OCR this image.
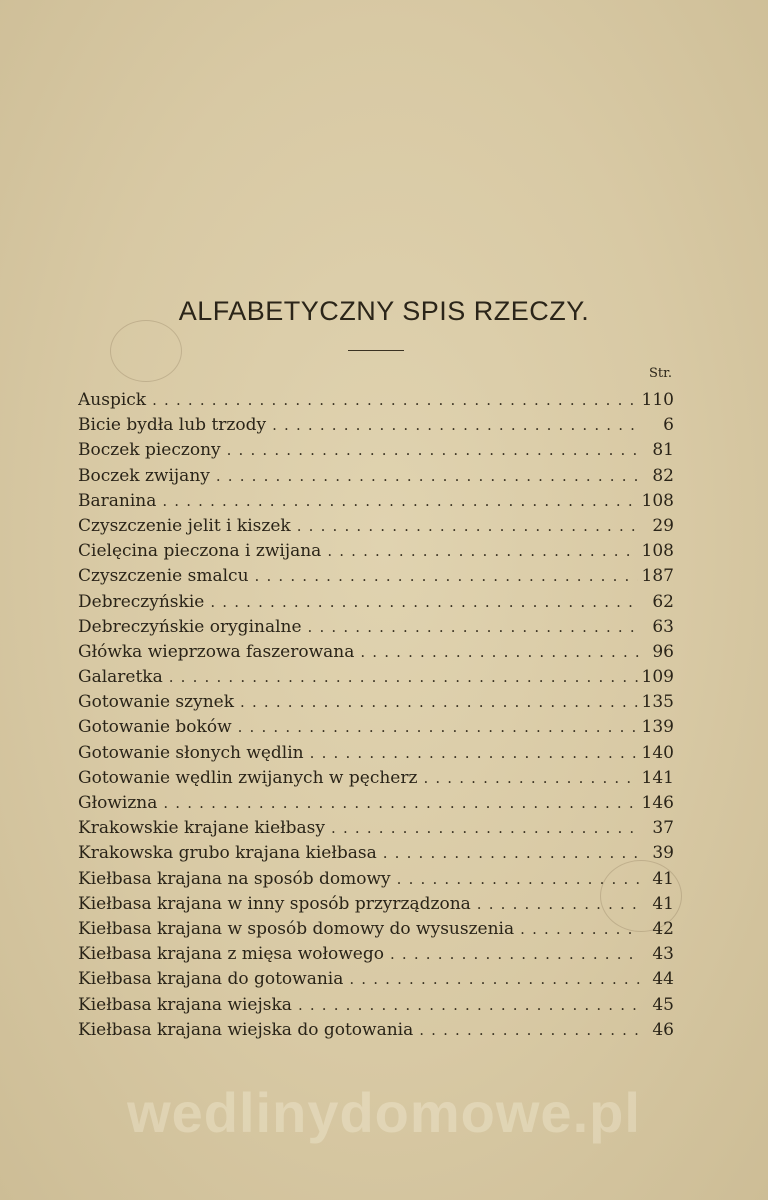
ALFABETYCZNY SPIS RZECZY.
Str.
Auspick . . .	110
Bicie bydła lub trzody . . .	6
Boczek pieczony . . .	81
Boczek zwijany . . .	82
Baranina . . .	108
Czyszczenie jelit i kiszek . . .	29
Cielęcina pieczona i zwijana . . .	108
Czyszczenie smalcu . . .	187
Debreczyńskie . . .	62
Debreczyńskie oryginalne . . .	63
Główka wieprzowa faszerowana . . .	96
Galaretka . . .	109
Gotowanie szynek . . .	135
Gotowanie boków . . .	139
Gotowanie słonych wędlin . . .	140
Gotowanie wędlin zwijanych w pęcherz . . .	141
Głowizna . . .	146
Krakowskie krajane kiełbasy . . .	37
Krakowska grubo krajana kiełbasa . . .	39
Kiełbasa krajana na sposób domowy . . .	41
Kiełbasa krajana w inny sposób przyrządzona . . .	41
Kiełbasa krajana w sposób domowy do wysuszenia . . .	42
Kiełbasa krajana z mięsa wołowego . . .	43
Kiełbasa krajana do gotowania . . .	44
Kiełbasa krajana wiejska . . .	45
Kiełbasa krajana wiejska do gotowania . . .	46
wedlinydomowe.pl
